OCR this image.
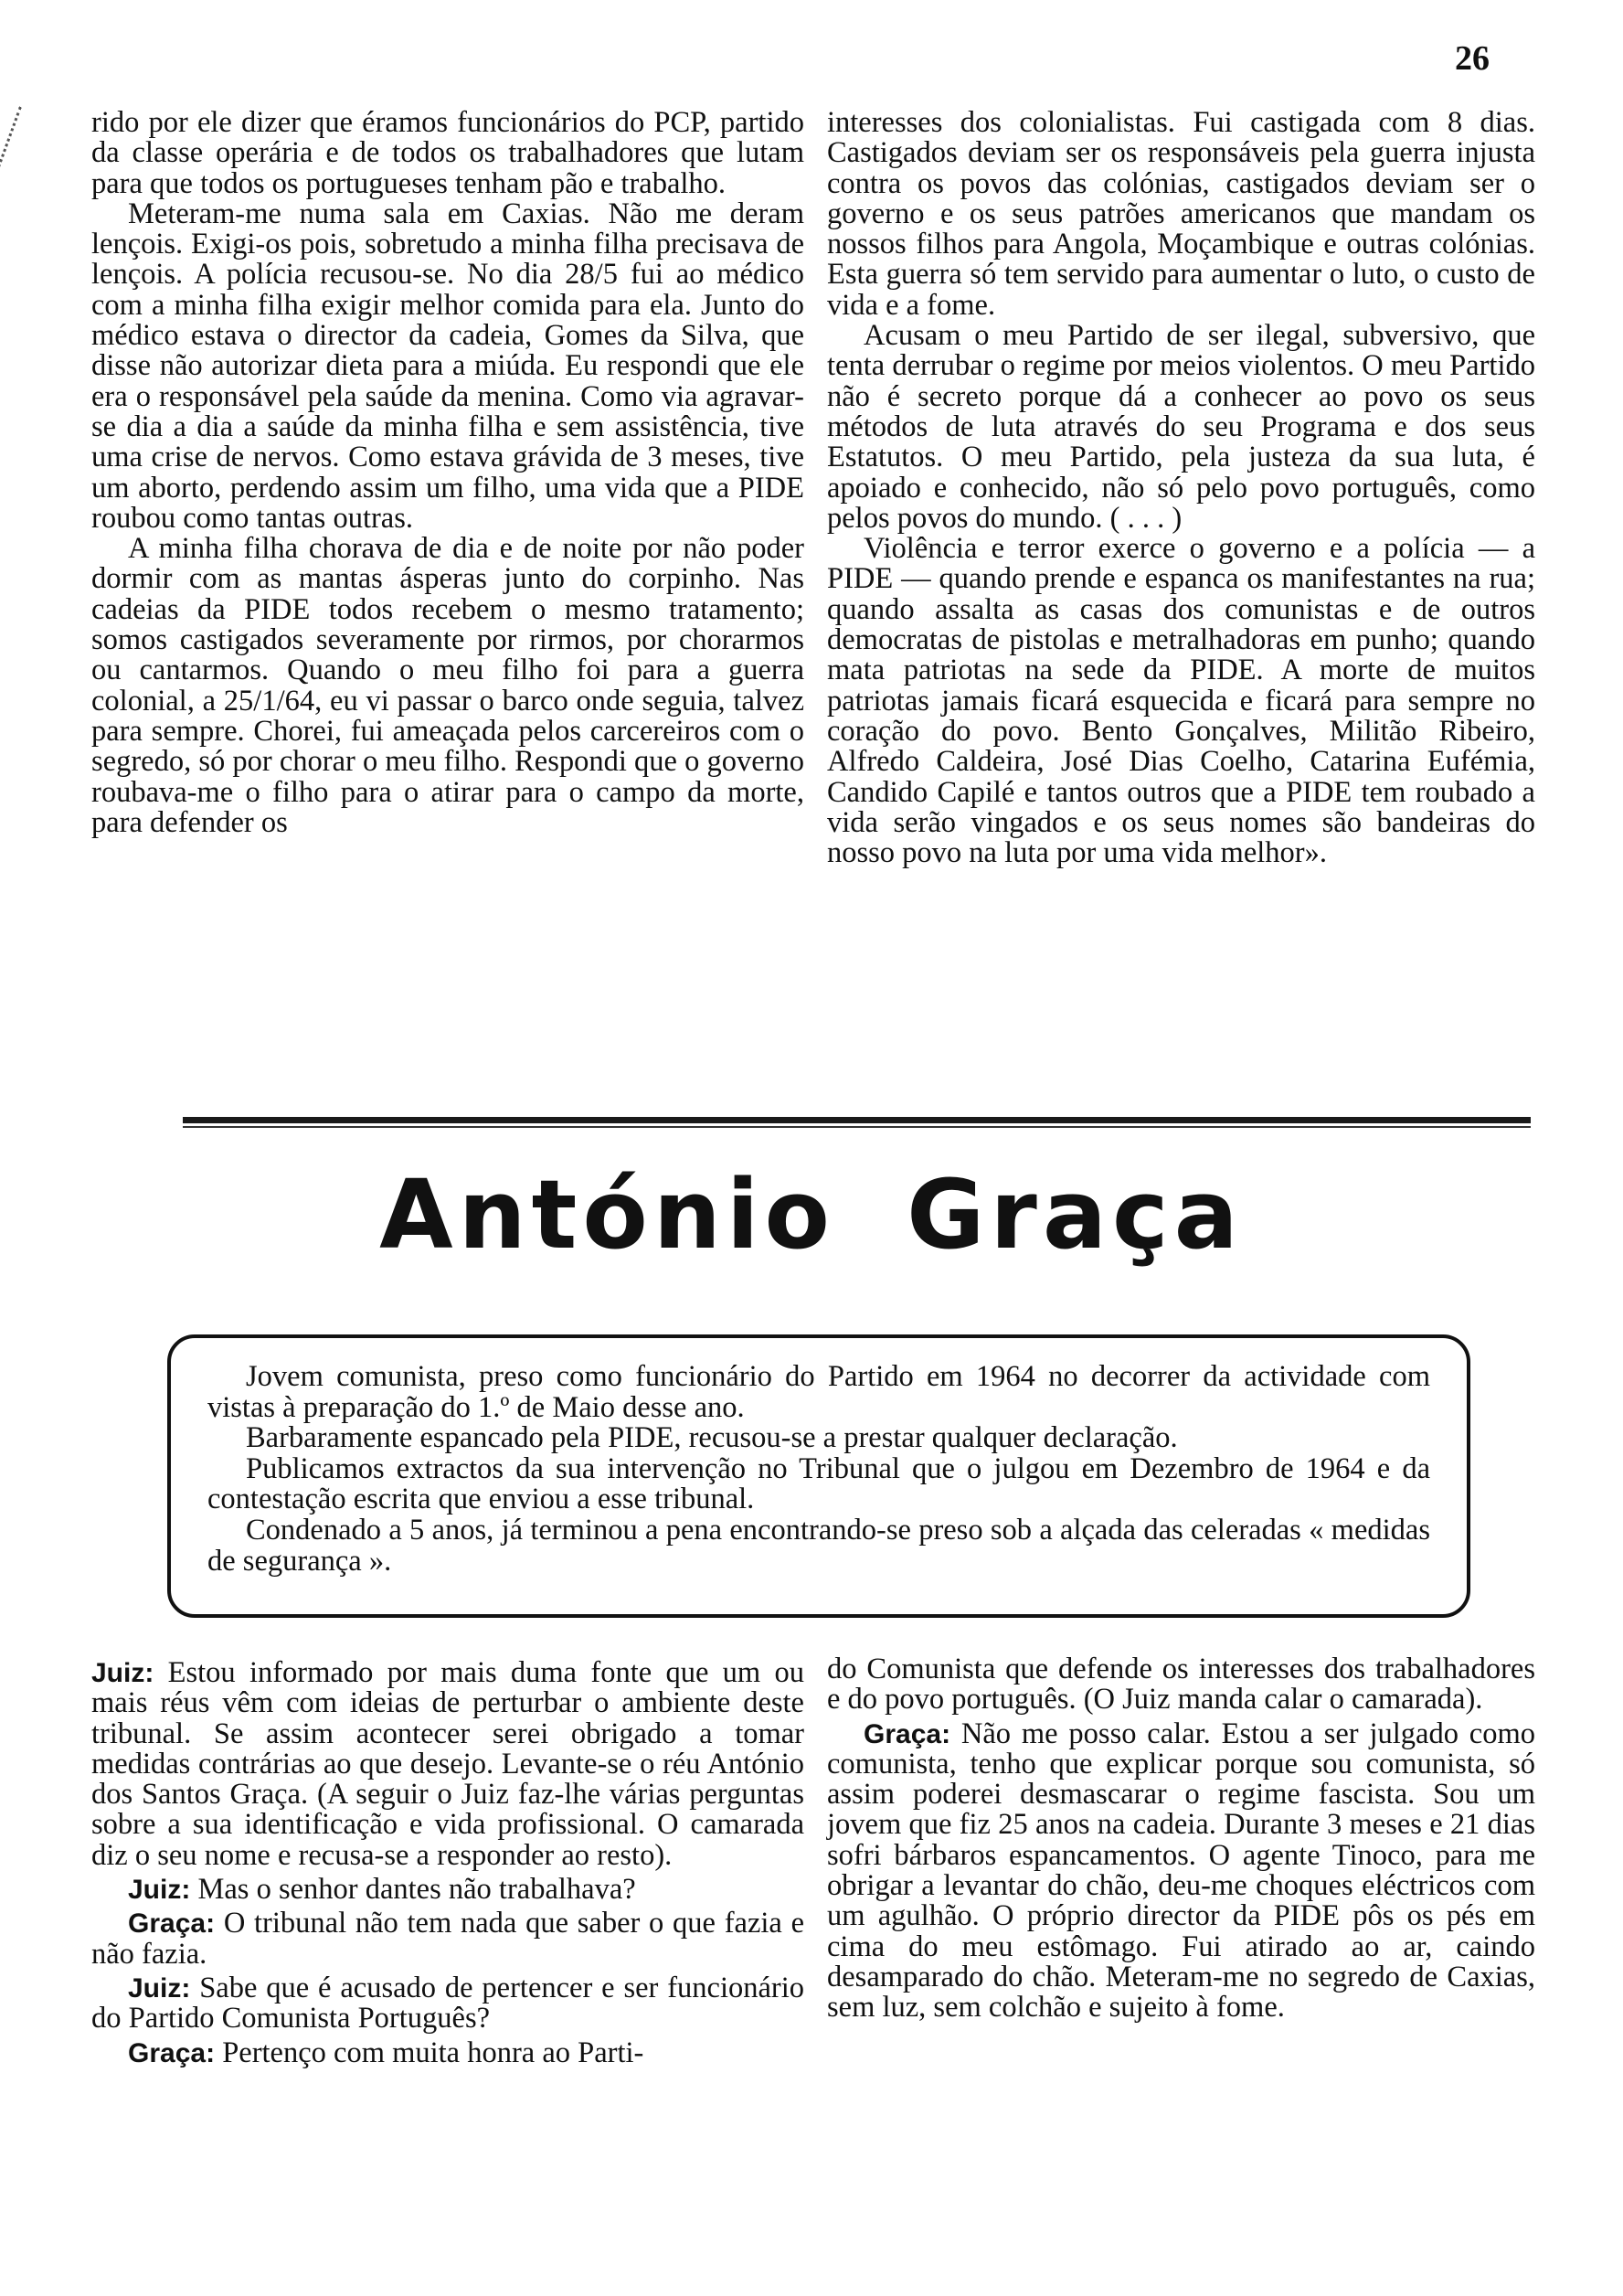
26

rido por ele dizer que éramos funcionários do PCP, partido da classe operária e de todos os trabalhadores que lutam para que todos os portugueses tenham pão e trabalho.

Meteram-me numa sala em Caxias. Não me deram lençois. Exigi-os pois, sobretudo a minha filha precisava de lençois. A polícia recusou-se. No dia 28/5 fui ao médico com a minha filha exigir melhor comida para ela. Junto do médico estava o director da cadeia, Gomes da Silva, que disse não autorizar dieta para a miúda. Eu respondi que ele era o responsável pela saúde da menina. Como via agravar-se dia a dia a saúde da minha filha e sem assistência, tive uma crise de nervos. Como estava grávida de 3 meses, tive um aborto, perdendo assim um filho, uma vida que a PIDE roubou como tantas outras.

A minha filha chorava de dia e de noite por não poder dormir com as mantas ásperas junto do corpinho. Nas cadeias da PIDE todos recebem o mesmo tratamento; somos castigados severamente por rirmos, por chorarmos ou cantarmos. Quando o meu filho foi para a guerra colonial, a 25/1/64, eu vi passar o barco onde seguia, talvez para sempre. Chorei, fui ameaçada pelos carcereiros com o segredo, só por chorar o meu filho. Respondi que o governo roubava-me o filho para o atirar para o campo da morte, para defender os

interesses dos colonialistas. Fui castigada com 8 dias. Castigados deviam ser os responsáveis pela guerra injusta contra os povos das colónias, castigados deviam ser o governo e os seus patrões americanos que mandam os nossos filhos para Angola, Moçambique e outras colónias. Esta guerra só tem servido para aumentar o luto, o custo de vida e a fome.

Acusam o meu Partido de ser ilegal, subversivo, que tenta derrubar o regime por meios violentos. O meu Partido não é secreto porque dá a conhecer ao povo os seus métodos de luta através do seu Programa e dos seus Estatutos. O meu Partido, pela justeza da sua luta, é apoiado e conhecido, não só pelo povo português, como pelos povos do mundo. ( . . . )

Violência e terror exerce o governo e a polícia — a PIDE — quando prende e espanca os manifestantes na rua; quando assalta as casas dos comunistas e de outros democratas de pistolas e metralhadoras em punho; quando mata patriotas na sede da PIDE. A morte de muitos patriotas jamais ficará esquecida e ficará para sempre no coração do povo. Bento Gonçalves, Militão Ribeiro, Alfredo Caldeira, José Dias Coelho, Catarina Eufémia, Candido Capilé e tantos outros que a PIDE tem roubado a vida serão vingados e os seus nomes são bandeiras do nosso povo na luta por uma vida melhor».

António Graça

Jovem comunista, preso como funcionário do Partido em 1964 no decorrer da actividade com vistas à preparação do 1.º de Maio desse ano.

Barbaramente espancado pela PIDE, recusou-se a prestar qualquer declaração.

Publicamos extractos da sua intervenção no Tribunal que o julgou em Dezembro de 1964 e da contestação escrita que enviou a esse tribunal.

Condenado a 5 anos, já terminou a pena encontrando-se preso sob a alçada das celeradas « medidas de segurança ».

Juiz: Estou informado por mais duma fonte que um ou mais réus vêm com ideias de perturbar o ambiente deste tribunal. Se assim acontecer serei obrigado a tomar medidas contrárias ao que desejo. Levante-se o réu António dos Santos Graça. (A seguir o Juiz faz-lhe várias perguntas sobre a sua identificação e vida profissional. O camarada diz o seu nome e recusa-se a responder ao resto).

Juiz: Mas o senhor dantes não trabalhava?

Graça: O tribunal não tem nada que saber o que fazia e não fazia.

Juiz: Sabe que é acusado de pertencer e ser funcionário do Partido Comunista Português?

Graça: Pertenço com muita honra ao Parti-

do Comunista que defende os interesses dos trabalhadores e do povo português. (O Juiz manda calar o camarada).

Graça: Não me posso calar. Estou a ser julgado como comunista, tenho que explicar porque sou comunista, só assim poderei desmascarar o regime fascista. Sou um jovem que fiz 25 anos na cadeia. Durante 3 meses e 21 dias sofri bárbaros espancamentos. O agente Tinoco, para me obrigar a levantar do chão, deu-me choques eléctricos com um agulhão. O próprio director da PIDE pôs os pés em cima do meu estômago. Fui atirado ao ar, caindo desamparado do chão. Meteram-me no segredo de Caxias, sem luz, sem colchão e sujeito à fome.
